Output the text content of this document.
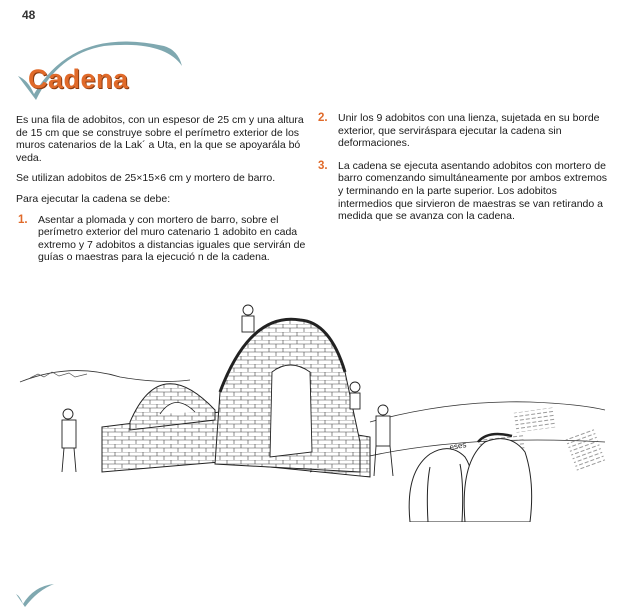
Cadena

Es una fila de adobitos, con un espesor de 25 cm y una altura de 15 cm que se construye sobre el perímetro exterior de los muros catenarios de la Lak´ a Uta, en la que se apoyarála bó veda.

Se utilizan adobitos de 25×15×6 cm y mortero de barro.

Para ejecutar la cadena se debe:

1. Asentar a plomada y con mortero de barro, sobre el perímetro exterior del muro catenario 1 adobito en cada extremo y 7 adobitos a distancias iguales que servirán de guías o maestras para la ejecució n de la cadena.
2. Unir los 9 adobitos con una lienza, sujetada en su borde exterior, que serviráspara ejecutar la cadena sin deformaciones.
3. La cadena se ejecuta asentando adobitos con mortero de barro comenzando simultáneamente por ambos extremos y terminando en la parte superior. Los adobitos intermedios que sirvieron de maestras se van retirando a medida que se avanza con la cadena.
eses
48
